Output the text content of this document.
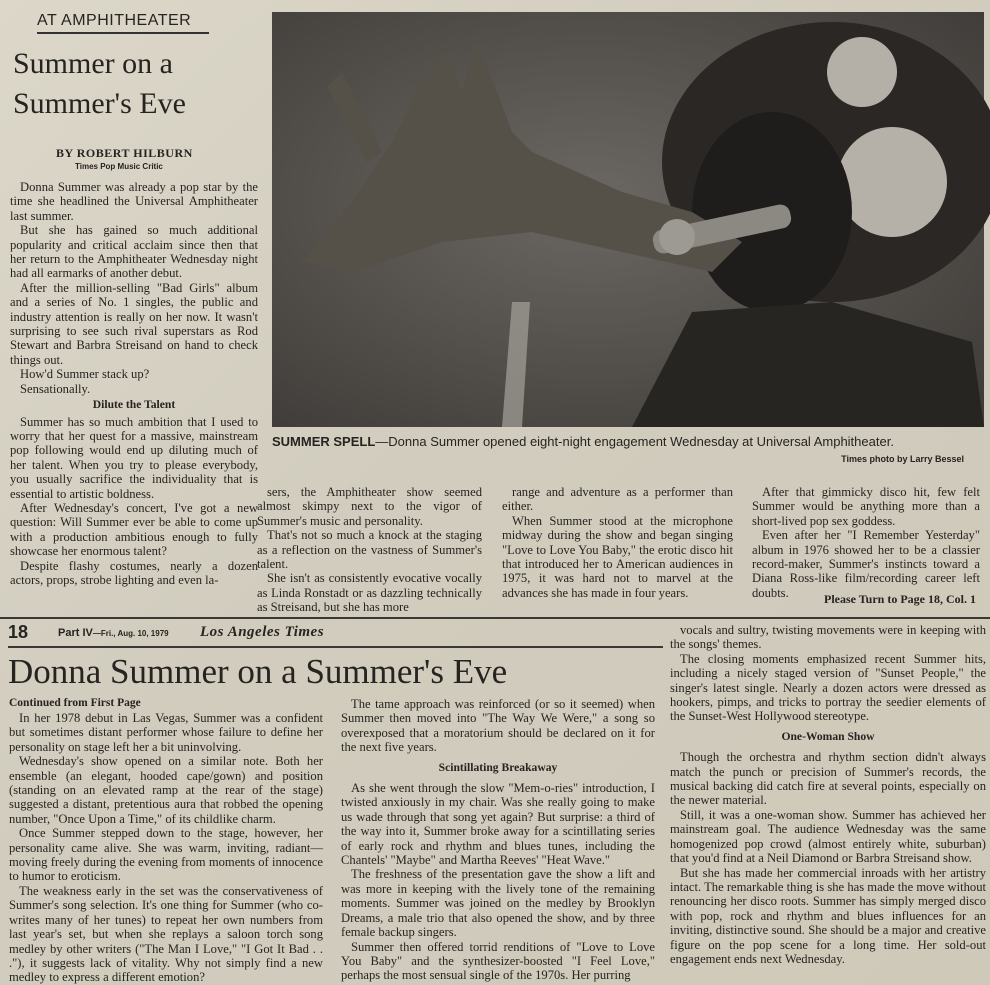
AT AMPHITHEATER
Summer on a Summer's Eve
BY ROBERT HILBURN
Times Pop Music Critic

Donna Summer was already a pop star by the time she headlined the Universal Amphitheater last summer.

But she has gained so much additional popularity and critical acclaim since then that her return to the Amphitheater Wednesday night had all earmarks of another debut.

After the million-selling "Bad Girls" album and a series of No. 1 singles, the public and industry attention is really on her now. It wasn't surprising to see such rival superstars as Rod Stewart and Barbra Streisand on hand to check things out.

How'd Summer stack up?

Sensationally.

Dilute the Talent

Summer has so much ambition that I used to worry that her quest for a massive, mainstream pop following would end up diluting much of her talent. When you try to please everybody, you usually sacrifice the individuality that is essential to artistic boldness.

After Wednesday's concert, I've got a new question: Will Summer ever be able to come up with a production ambitious enough to fully showcase her enormous talent?

Despite flashy costumes, nearly a dozen actors, props, strobe lighting and even la-

SUMMER SPELL—Donna Summer opened eight-night engagement Wednesday at Universal Amphitheater.
Times photo by Larry Bessel

sers, the Amphitheater show seemed almost skimpy next to the vigor of Summer's music and personality.

That's not so much a knock at the staging as a reflection on the vastness of Summer's talent.

She isn't as consistently evocative vocally as Linda Ronstadt or as dazzling technically as Streisand, but she has more

range and adventure as a performer than either.

When Summer stood at the microphone midway during the show and began singing "Love to Love You Baby," the erotic disco hit that introduced her to American audiences in 1975, it was hard not to marvel at the advances she has made in four years.

After that gimmicky disco hit, few felt Summer would be anything more than a short-lived pop sex goddess.

Even after her "I Remember Yesterday" album in 1976 showed her to be a classier record-maker, Summer's instincts toward a Diana Ross-like film/recording career left doubts.	Please Turn to Page 18, Col. 1
18	Part IV—Fri., Aug. 10, 1979 Los Angeles Times
Donna Summer on a Summer's Eve
Continued from First Page

In her 1978 debut in Las Vegas, Summer was a confident but sometimes distant performer whose failure to define her personality on stage left her a bit uninvolving.

Wednesday's show opened on a similar note. Both her ensemble (an elegant, hooded cape/gown) and position (standing on an elevated ramp at the rear of the stage) suggested a distant, pretentious aura that robbed the opening number, "Once Upon a Time," of its childlike charm.

Once Summer stepped down to the stage, however, her personality came alive. She was warm, inviting, radiant—moving freely during the evening from moments of innocence to humor to eroticism.

The weakness early in the set was the conservativeness of Summer's song selection. It's one thing for Summer (who co-writes many of her tunes) to repeat her own numbers from last year's set, but when she replays a saloon torch song medley by other writers ("The Man I Love," "I Got It Bad . . ."), it suggests lack of vitality. Why not simply find a new medley to express a different emotion?

The tame approach was reinforced (or so it seemed) when Summer then moved into "The Way We Were," a song so overexposed that a moratorium should be declared on it for the next five years.

Scintillating Breakaway

As she went through the slow "Mem-o-ries" introduction, I twisted anxiously in my chair. Was she really going to make us wade through that song yet again? But surprise: a third of the way into it, Summer broke away for a scintillating series of early rock and rhythm and blues tunes, including the Chantels' "Maybe" and Martha Reeves' "Heat Wave."

The freshness of the presentation gave the show a lift and was more in keeping with the lively tone of the remaining moments. Summer was joined on the medley by Brooklyn Dreams, a male trio that also opened the show, and by three female backup singers.

Summer then offered torrid renditions of "Love to Love You Baby" and the synthesizer-boosted "I Feel Love," perhaps the most sensual single of the 1970s. Her purring

vocals and sultry, twisting movements were in keeping with the songs' themes.

The closing moments emphasized recent Summer hits, including a nicely staged version of "Sunset People," the singer's latest single. Nearly a dozen actors were dressed as hookers, pimps, and tricks to portray the seedier elements of the Sunset-West Hollywood stereotype.

One-Woman Show

Though the orchestra and rhythm section didn't always match the punch or precision of Summer's records, the musical backing did catch fire at several points, especially on the newer material.

Still, it was a one-woman show. Summer has achieved her mainstream goal. The audience Wednesday was the same homogenized pop crowd (almost entirely white, suburban) that you'd find at a Neil Diamond or Barbra Streisand show.

But she has made her commercial inroads with her artistry intact. The remarkable thing is she has made the move without renouncing her disco roots. Summer has simply merged disco with pop, rock and rhythm and blues influences for an inviting, distinctive sound. She should be a major and creative figure on the pop scene for a long time. Her sold-out engagement ends next Wednesday.
